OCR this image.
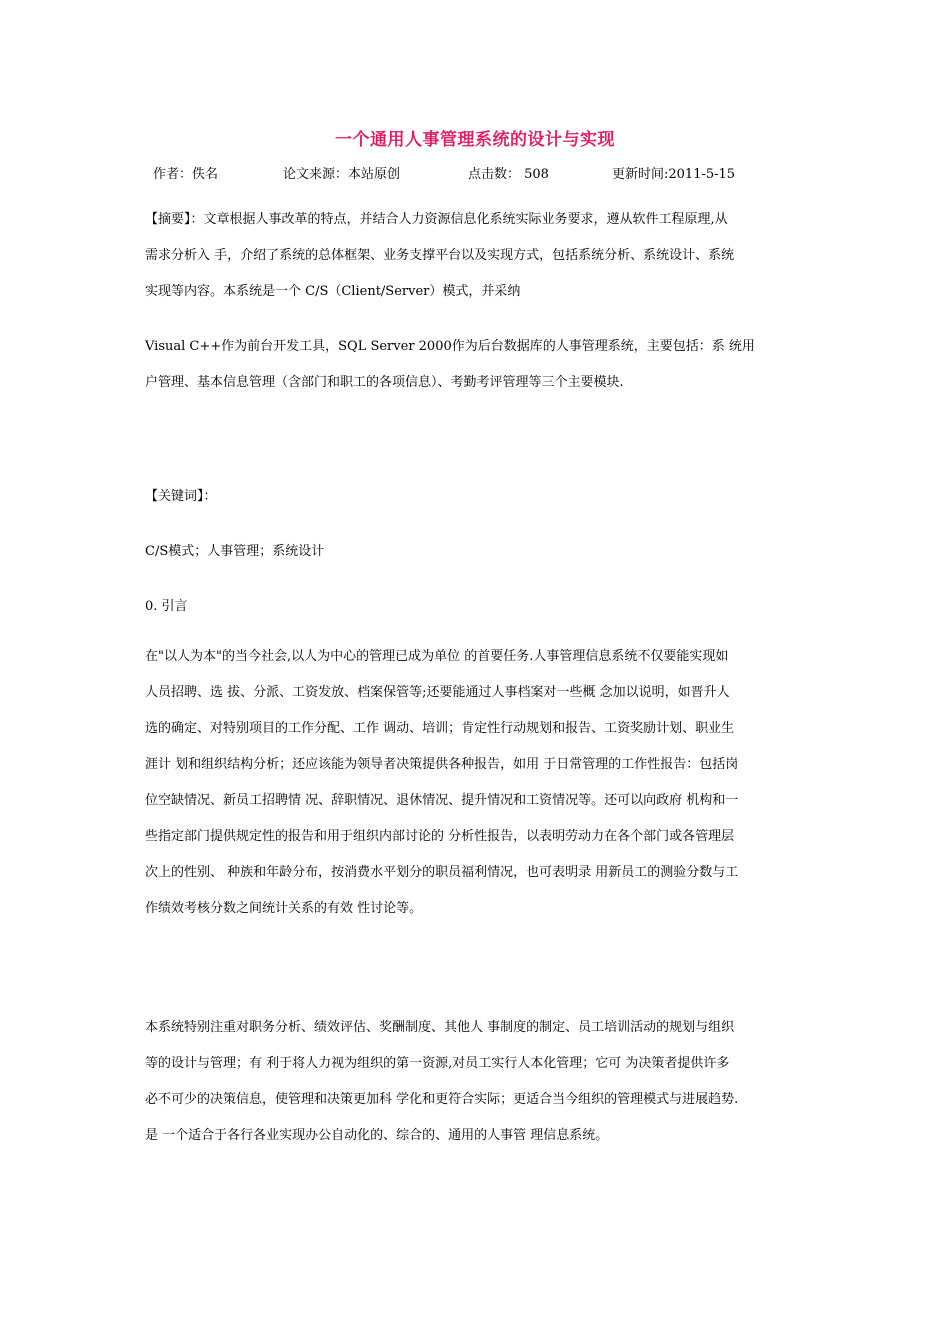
一个通用人事管理系统的设计与实现
作者：佚名	论文来源：本站原创	点击数： 508	更新时间:2011-5-15
【摘要】：文章根据人事改革的特点，并结合人力资源信息化系统实际业务要求，遵从软件工程原理,从
需求分析入 手，介绍了系统的总体框架、业务支撑平台以及实现方式，包括系统分析、系统设计、系统
实现等内容。本系统是一个 C/S（Client/Server）模式，并采纳
Visual C++作为前台开发工具，SQL Server 2000作为后台数据库的人事管理系统，主要包括：系 统用
户管理、基本信息管理（含部门和职工的各项信息）、考勤考评管理等三个主要模块.
【关键词】：
C/S模式；人事管理；系统设计
0. 引言
在"以人为本"的当今社会,以人为中心的管理已成为单位 的首要任务.人事管理信息系统不仅要能实现如
人员招聘、选 拔、分派、工资发放、档案保管等;还要能通过人事档案对一些概 念加以说明，如晋升人
选的确定、对特别项目的工作分配、工作 调动、培训；肯定性行动规划和报告、工资奖励计划、职业生
涯计 划和组织结构分析；还应该能为领导者决策提供各种报告，如用 于日常管理的工作性报告：包括岗
位空缺情况、新员工招聘情 况、辞职情况、退休情况、提升情况和工资情况等。还可以向政府 机构和一
些指定部门提供规定性的报告和用于组织内部讨论的 分析性报告，以表明劳动力在各个部门或各管理层
次上的性别、 种族和年龄分布，按消费水平划分的职员福利情况，也可表明录 用新员工的测验分数与工
作绩效考核分数之间统计关系的有效 性讨论等。
本系统特别注重对职务分析、绩效评估、奖酬制度、其他人 事制度的制定、员工培训活动的规划与组织
等的设计与管理；有 利于将人力视为组织的第一资源,对员工实行人本化管理；它可 为决策者提供许多
必不可少的决策信息，使管理和决策更加科 学化和更符合实际；更适合当今组织的管理模式与进展趋势.
是 一个适合于各行各业实现办公自动化的、综合的、通用的人事管 理信息系统。
